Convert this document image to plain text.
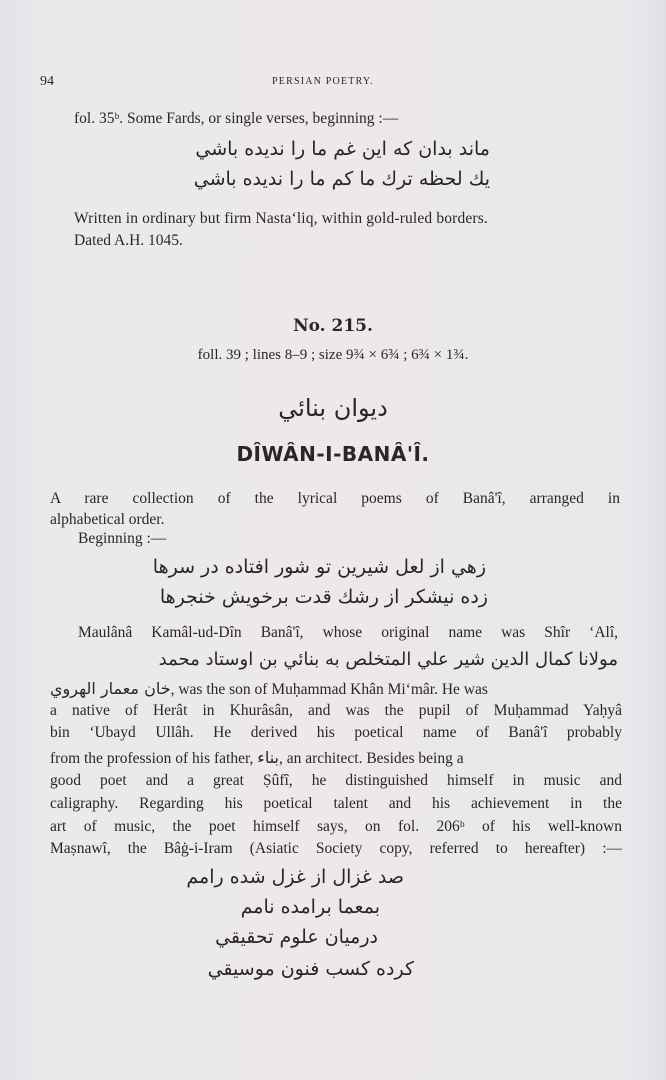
94	PERSIAN POETRY.
fol. 35ᵇ. Some Fards, or single verses, beginning :—
ماند بدان كه اين غم ما را نديده باشي
يك لحظه ترك ما كم ما را نديده باشي
Written in ordinary but firm Nasta‘liq, within gold-ruled borders.
Dated A.H. 1045.
No. 215.
foll. 39 ; lines 8–9 ; size 9¾ × 6¾ ; 6¾ × 1¾.
ديوان بنائي
DÎWÂN-I-BANÂ'Î.
A rare collection of the lyrical poems of Banâ'î, arranged in
alphabetical order.
Beginning :—
زهي از لعل شيرين تو شور افتاده در سرها
زده نيشكر از رشك قدت برخويش خنجرها
Maulânâ Kamâl-ud-Dîn Banâ'î, whose original name was Shîr ‘Alî,
مولانا كمال الدين شير علي المتخلص به بنائي بن اوستاد محمد
خان معمار الهروي, was the son of Muḥammad Khân Mi‘mâr. He was
a native of Herât in Khurâsân, and was the pupil of Muḥammad Yaḥyâ
bin ‘Ubayd Ullâh. He derived his poetical name of Banâ'î probably
from the profession of his father, بناء, an architect. Besides being a
good poet and a great Ṣûfî, he distinguished himself in music and
caligraphy. Regarding his poetical talent and his achievement in the
art of music, the poet himself says, on fol. 206ᵇ of his well-known
Maṣnawî, the Bâġ-i-Iram (Asiatic Society copy, referred to hereafter) :—
صد غزال از غزل شده رامم
بمعما برامده نامم
درميان علوم تحقيقي
كرده كسب فنون موسيقي
